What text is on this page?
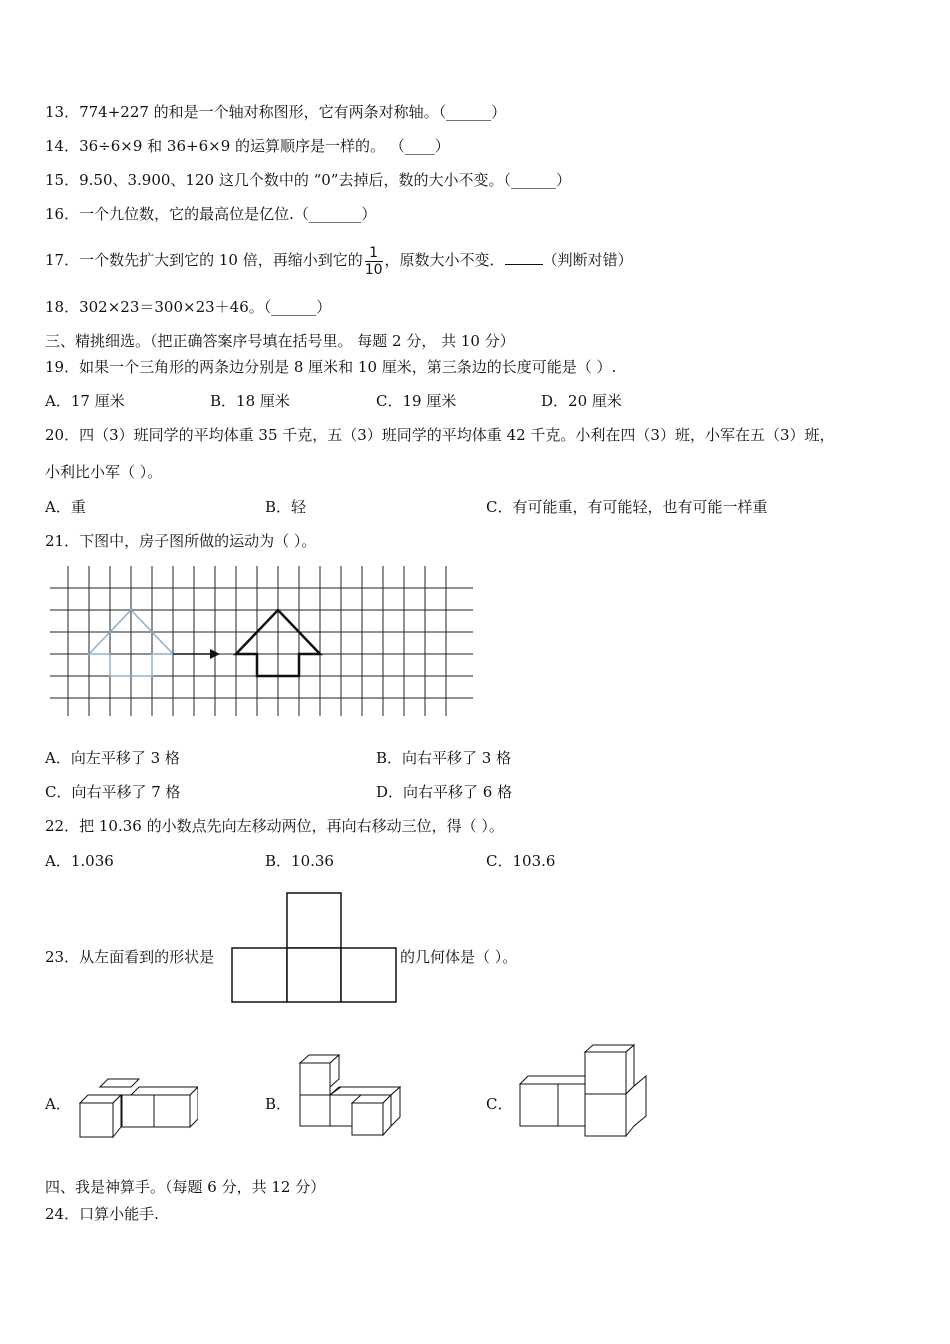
13．774+227 的和是一个轴对称图形，它有两条对称轴。（______）
14．36÷6×9 和 36+6×9 的运算顺序是一样的。 （____）
15．9.50、3.900、120 这几个数中的 “0”去掉后，数的大小不变。（______）
16．一个九位数，它的最高位是亿位.（_______）
17．一个数先扩大到它的 10 倍，再缩小到它的 $\frac{1}{10}$ ，原数大小不变．	（判断对错）
18．302×23＝300×23＋46。（______）
三、精挑细选。（把正确答案序号填在括号里。 每题 2 分， 共 10 分）
19．如果一个三角形的两条边分别是 8 厘米和 10 厘米，第三条边的长度可能是（ ）.
A．17 厘米	B．18 厘米	C．19 厘米	D．20 厘米
20．四（3）班同学的平均体重 35 千克，五（3）班同学的平均体重 42 千克。小利在四（3）班，小军在五（3）班，
小利比小军（ ）。
A．重	B．轻	C．有可能重，有可能轻，也有可能一样重
21．下图中，房子图所做的运动为（ ）。
A．向左平移了 3 格	B．向右平移了 3 格
C．向右平移了 7 格	D．向右平移了 6 格
22．把 10.36 的小数点先向左移动两位，再向右移动三位，得（ ）。
A．1.036	B．10.36	C．103.6
23．从左面看到的形状是	的几何体是（ ）。
A．	B．	C．
四、我是神算手。（每题 6 分，共 12 分）
24．口算小能手.
